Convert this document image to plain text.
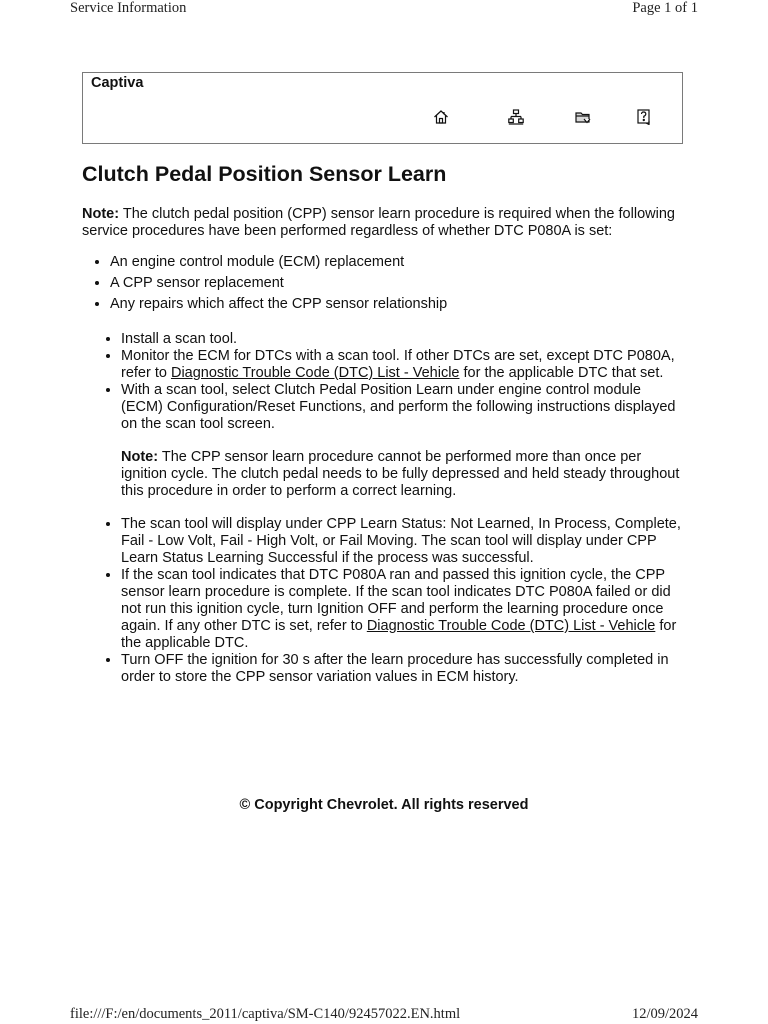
Service Information	Page 1 of 1
Captiva
Clutch Pedal Position Sensor Learn

Note: The clutch pedal position (CPP) sensor learn procedure is required when the following service procedures have been performed regardless of whether DTC P080A is set:

• An engine control module (ECM) replacement
• A CPP sensor replacement
• Any repairs which affect the CPP sensor relationship
• Install a scan tool.
• Monitor the ECM for DTCs with a scan tool. If other DTCs are set, except DTC P080A, refer to Diagnostic Trouble Code (DTC) List - Vehicle for the applicable DTC that set.
• With a scan tool, select Clutch Pedal Position Learn under engine control module (ECM) Configuration/Reset Functions, and perform the following instructions displayed on the scan tool screen.

Note: The CPP sensor learn procedure cannot be performed more than once per ignition cycle. The clutch pedal needs to be fully depressed and held steady throughout this procedure in order to perform a correct learning.

• The scan tool will display under CPP Learn Status: Not Learned, In Process, Complete, Fail - Low Volt, Fail - High Volt, or Fail Moving. The scan tool will display under CPP Learn Status Learning Successful if the process was successful.
• If the scan tool indicates that DTC P080A ran and passed this ignition cycle, the CPP sensor learn procedure is complete. If the scan tool indicates DTC P080A failed or did not run this ignition cycle, turn Ignition OFF and perform the learning procedure once again. If any other DTC is set, refer to Diagnostic Trouble Code (DTC) List - Vehicle for the applicable DTC.
• Turn OFF the ignition for 30 s after the learn procedure has successfully completed in order to store the CPP sensor variation values in ECM history.
© Copyright Chevrolet. All rights reserved
file:///F:/en/documents_2011/captiva/SM-C140/92457022.EN.html	12/09/2024
